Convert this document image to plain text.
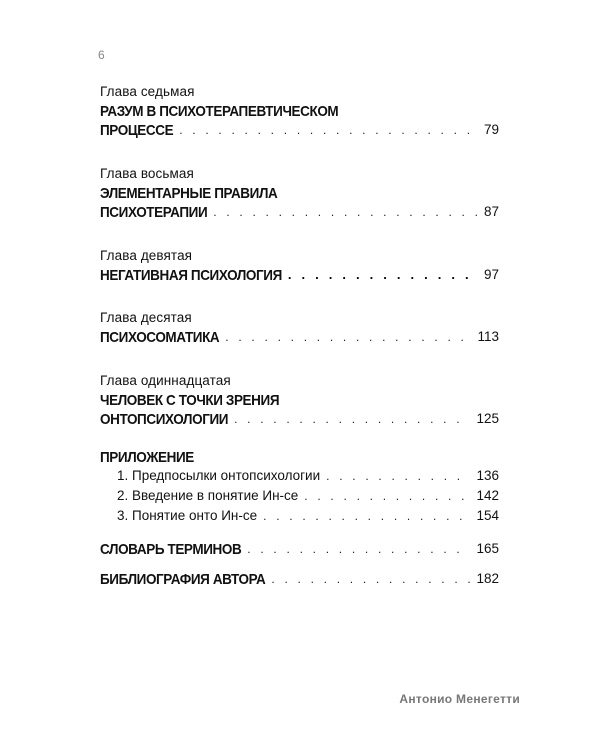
6
Глава седьмая
РАЗУМ В ПСИХОТЕРАПЕВТИЧЕСКОМ
ПРОЦЕССЕ . . .	79
Глава восьмая
ЭЛЕМЕНТАРНЫЕ ПРАВИЛА
ПСИХОТЕРАПИИ . . .	87
Глава девятая
НЕГАТИВНАЯ ПСИХОЛОГИЯ . . .	97
Глава десятая
ПСИХОСОМАТИКА . . .	113
Глава одиннадцатая
ЧЕЛОВЕК С ТОЧКИ ЗРЕНИЯ
ОНТОПСИХОЛОГИИ . . .	125
ПРИЛОЖЕНИЕ
1. Предпосылки онтопсихологии . . .	136
2. Введение в понятие Ин-се . . .	142
3. Понятие онто Ин-се . . .	154
СЛОВАРЬ ТЕРМИНОВ . . .	165
БИБЛИОГРАФИЯ АВТОРА . . .	182
Антонио Менегетти
